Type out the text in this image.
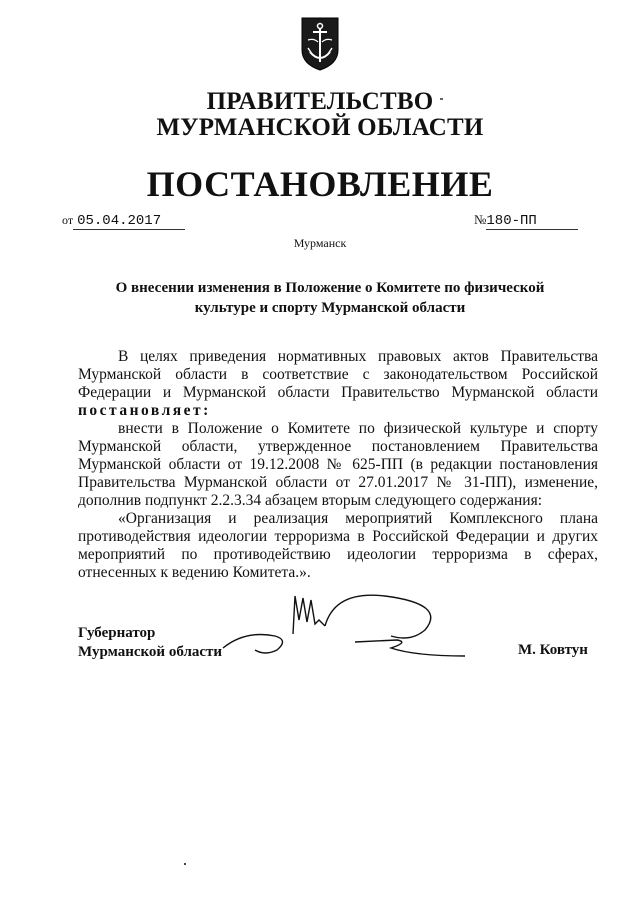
ПРАВИТЕЛЬСТВО
МУРМАНСКОЙ ОБЛАСТИ
ПОСТАНОВЛЕНИЕ
от 05.04.2017	№180-ПП
Мурманск
О внесении изменения в Положение о Комитете по физической культуре и спорту Мурманской области

В целях приведения нормативных правовых актов Правительства Мурманской области в соответствие с законодательством Российской Федерации и Мурманской области Правительство Мурманской области постановляет:

внести в Положение о Комитете по физической культуре и спорту Мурманской области, утвержденное постановлением Правительства Мурманской области от 19.12.2008 № 625-ПП (в редакции постановления Правительства Мурманской области от 27.01.2017 № 31-ПП), изменение, дополнив подпункт 2.2.3.34 абзацем вторым следующего содержания:

«Организация и реализация мероприятий Комплексного плана противодействия идеологии терроризма в Российской Федерации и других мероприятий по противодействию идеологии терроризма в сферах, отнесенных к ведению Комитета.».

Губернатор
Мурманской области	М. Ковтун
